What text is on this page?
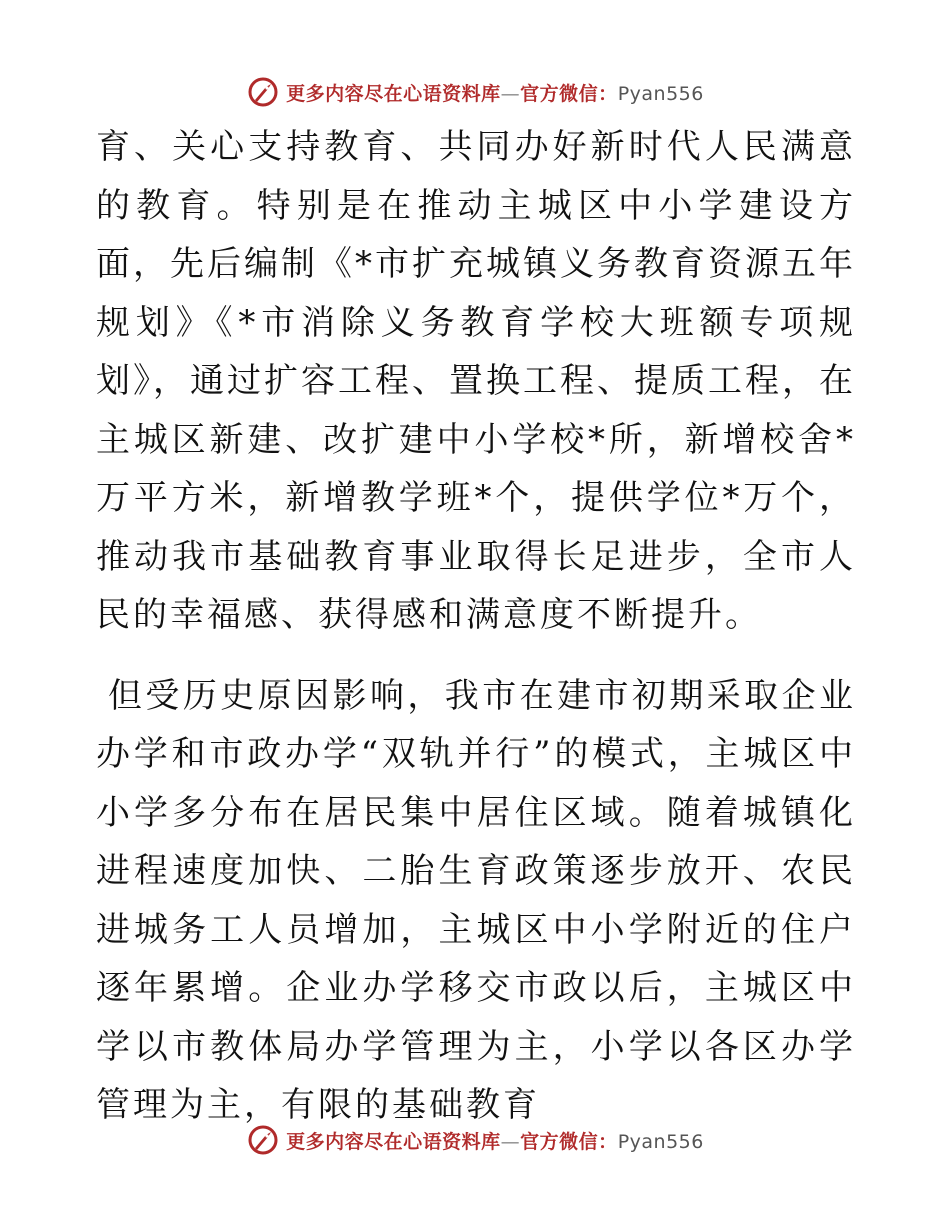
更多内容尽在心语资料库—官方微信：Pyan556

育、关心支持教育、共同办好新时代人民满意的教育。特别是在推动主城区中小学建设方面，先后编制《*市扩充城镇义务教育资源五年规划》《*市消除义务教育学校大班额专项规划》，通过扩容工程、置换工程、提质工程，在主城区新建、改扩建中小学校*所，新增校舍*万平方米，新增教学班*个，提供学位*万个，推动我市基础教育事业取得长足进步，全市人民的幸福感、获得感和满意度不断提升。

但受历史原因影响，我市在建市初期采取企业办学和市政办学“双轨并行”的模式，主城区中小学多分布在居民集中居住区域。随着城镇化进程速度加快、二胎生育政策逐步放开、农民进城务工人员增加，主城区中小学附近的住户逐年累增。企业办学移交市政以后，主城区中学以市教体局办学管理为主，小学以各区办学管理为主，有限的基础教育

更多内容尽在心语资料库—官方微信：Pyan556
